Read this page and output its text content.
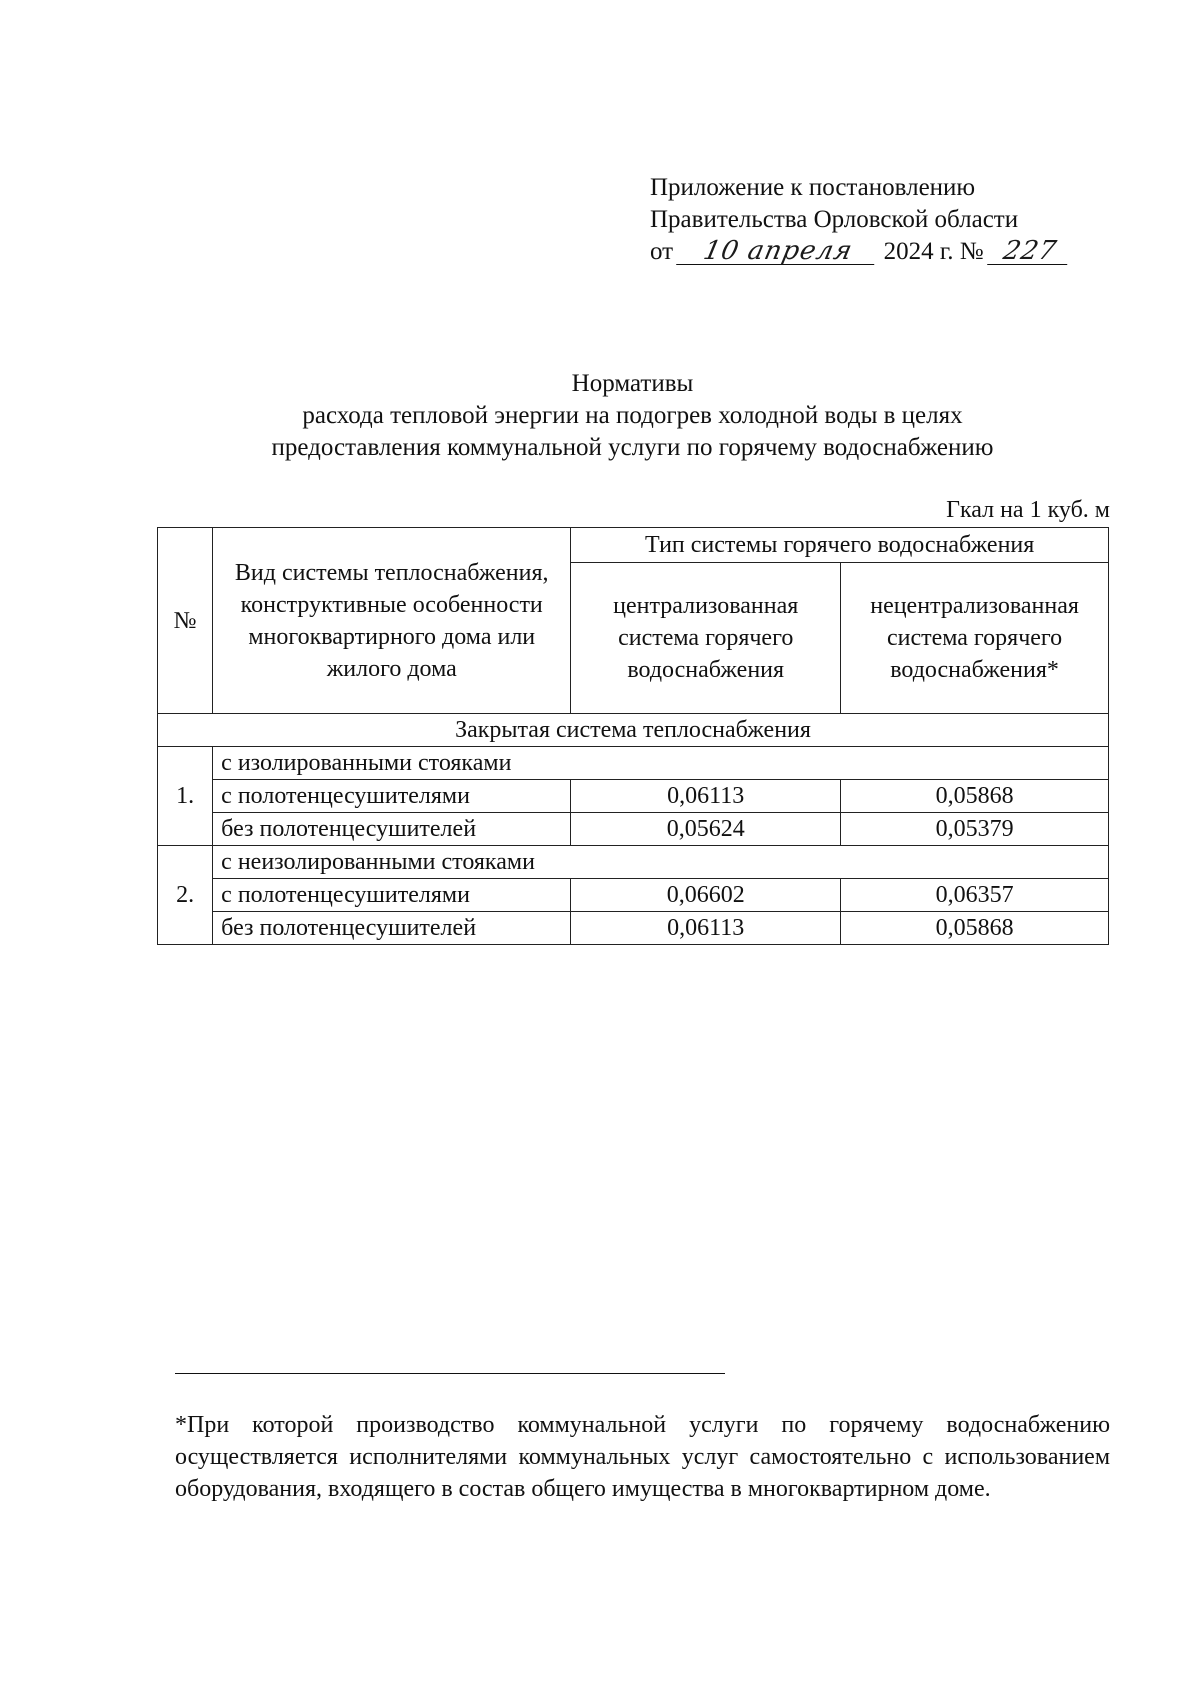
Приложение к постановлению
Правительства Орловской области
от 10 апреля 2024 г. № 227
Нормативы
расхода тепловой энергии на подогрев холодной воды в целях
предоставления коммунальной услуги по горячему водоснабжению
Гкал на 1 куб. м
№	Вид системы теплоснабжения, конструктивные особенности многоквартирного дома или жилого дома	Тип системы горячего водоснабжения	
		централизованная система горячего водоснабжения	нецентрализованная система горячего водоснабжения*
Закрытая система теплоснабжения			
1.	с изолированными стояками		
	с полотенцесушителями	0,06113	0,05868
	без полотенцесушителей	0,05624	0,05379
2.	с неизолированными стояками		
	с полотенцесушителями	0,06602	0,06357
	без полотенцесушителей	0,06113	0,05868
*При которой производство коммунальной услуги по горячему водоснабжению осуществляется исполнителями коммунальных услуг самостоятельно с использованием оборудования, входящего в состав общего имущества в многоквартирном доме.
